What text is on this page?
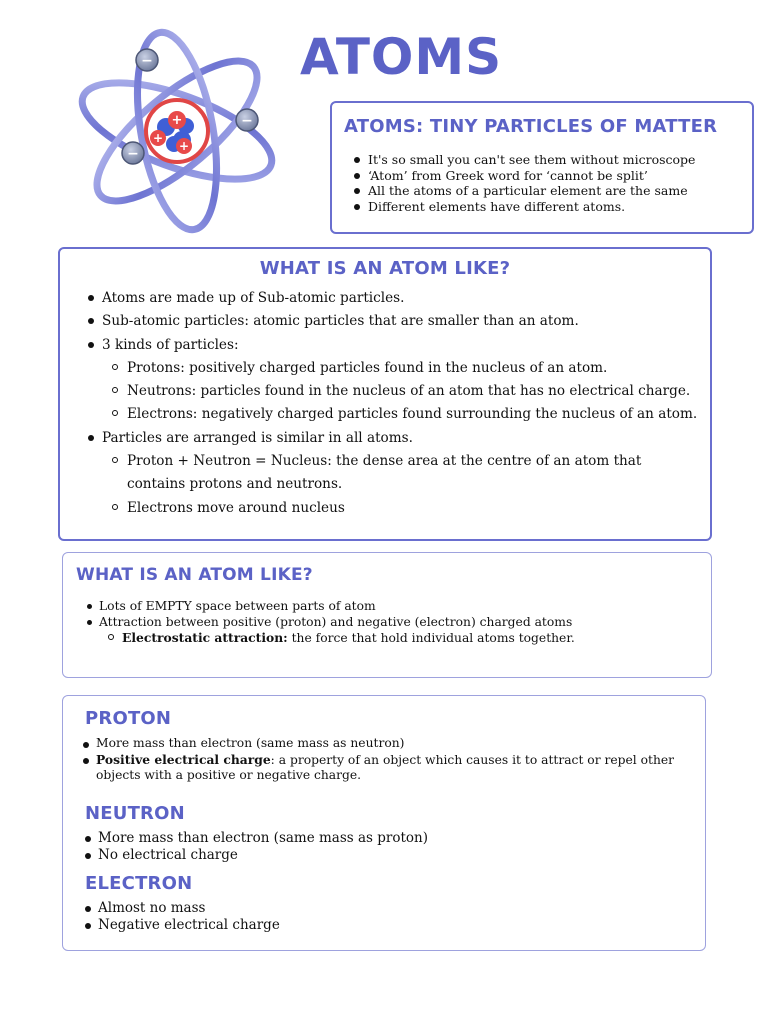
+
+
+
−
−
−
ATOMS
ATOMS: TINY PARTICLES OF MATTER
It's so small you can't see them without microscope
‘Atom’ from Greek word for ‘cannot be split’
All the atoms of a particular element are the same
Different elements have different atoms.
WHAT IS AN ATOM LIKE?
Atoms are made up of Sub-atomic particles.
Sub-atomic particles: atomic particles that are smaller than an atom.
3 kinds of particles:
Protons: positively charged particles found in the nucleus of an atom.
Neutrons: particles found in the nucleus of an atom that has no electrical charge.
Electrons: negatively charged particles found surrounding the nucleus of an atom.
Particles are arranged is similar in all atoms.
Proton + Neutron = Nucleus: the dense area at the centre of an atom that contains protons and neutrons.
Electrons move around nucleus
WHAT IS AN ATOM LIKE?
Lots of EMPTY space between parts of atom
Attraction between positive (proton) and negative (electron) charged atoms
Electrostatic attraction: the force that hold individual atoms together.
PROTON
More mass than electron (same mass as neutron)
Positive electrical charge: a property of an object which causes it to attract or repel other objects with a positive or negative charge.
NEUTRON
More mass than electron (same mass as proton)
No electrical charge
ELECTRON
Almost no mass
Negative electrical charge
